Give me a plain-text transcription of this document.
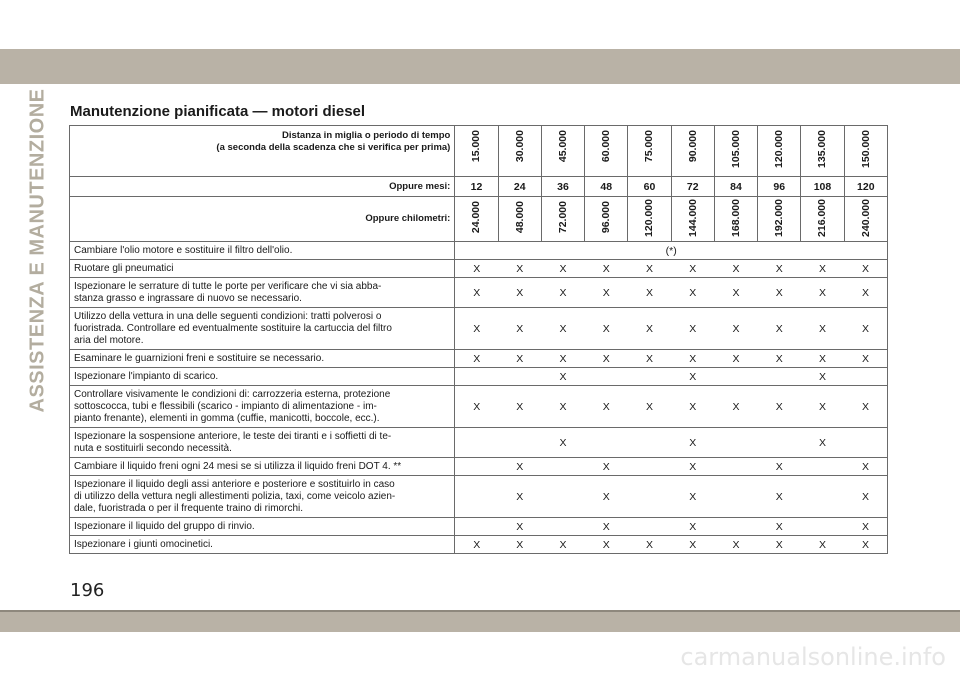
ASSISTENZA E MANUTENZIONE Manutenzione pianificata — motori diesel
Distanza in miglia o periodo di tempo
(a seconda della scadenza che si verifica per prima)	15.000	30.000	45.000	60.000	75.000	90.000	105.000	120.000	135.000	150.000
Oppure mesi:	12	24	36	48	60	72	84	96	108	120
Oppure chilometri:	24.000	48.000	72.000	96.000	120.000	144.000	168.000	192.000	216.000	240.000

Cambiare l'olio motore e sostituire il filtro dell'olio.	(*)									

Ruotare gli pneumatici	X	X	X	X	X	X	X	X	X	X

Ispezionare le serrature di tutte le porte per verificare che vi sia abba-
stanza grasso e ingrassare di nuovo se necessario.	X	X	X	X	X	X	X	X	X	X

Utilizzo della vettura in una delle seguenti condizioni: tratti polverosi o
fuoristrada. Controllare ed eventualmente sostituire la cartuccia del filtro
aria del motore.	X	X	X	X	X	X	X	X	X	X

Esaminare le guarnizioni freni e sostituire se necessario.	X	X	X	X	X	X	X	X	X	X

Ispezionare l'impianto di scarico.			X			X			X	

Controllare visivamente le condizioni di: carrozzeria esterna, protezione
sottoscocca, tubi e flessibili (scarico - impianto di alimentazione - im-
pianto frenante), elementi in gomma (cuffie, manicotti, boccole, ecc.).	X	X	X	X	X	X	X	X	X	X

Ispezionare la sospensione anteriore, le teste dei tiranti e i soffietti di te-
nuta e sostituirli secondo necessità.			X			X			X	

Cambiare il liquido freni ogni 24 mesi se si utilizza il liquido freni DOT 4. **		X		X		X		X		X

Ispezionare il liquido degli assi anteriore e posteriore e sostituirlo in caso
di utilizzo della vettura negli allestimenti polizia, taxi, come veicolo azien-
dale, fuoristrada o per il frequente traino di rimorchi.		X		X		X		X		X

Ispezionare il liquido del gruppo di rinvio.		X		X		X		X		X

Ispezionare i giunti omocinetici.	X	X	X	X	X	X	X	X	X	X
196
carmanualsonline.info
